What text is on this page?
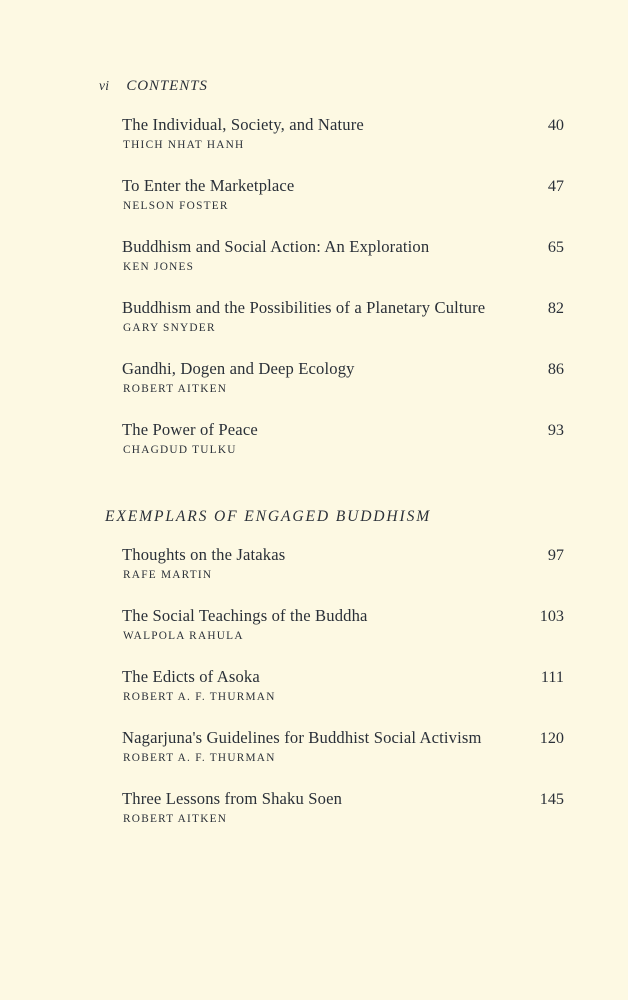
vi CONTENTS
The Individual, Society, and Nature	40
THICH NHAT HANH
To Enter the Marketplace	47
NELSON FOSTER
Buddhism and Social Action: An Exploration	65
KEN JONES
Buddhism and the Possibilities of a Planetary Culture	82
GARY SNYDER
Gandhi, Dogen and Deep Ecology	86
ROBERT AITKEN
The Power of Peace	93
CHAGDUD TULKU
EXEMPLARS OF ENGAGED BUDDHISM
Thoughts on the Jatakas	97
RAFE MARTIN
The Social Teachings of the Buddha	103
WALPOLA RAHULA
The Edicts of Asoka	111
ROBERT A. F. THURMAN
Nagarjuna's Guidelines for Buddhist Social Activism	120
ROBERT A. F. THURMAN
Three Lessons from Shaku Soen	145
ROBERT AITKEN
